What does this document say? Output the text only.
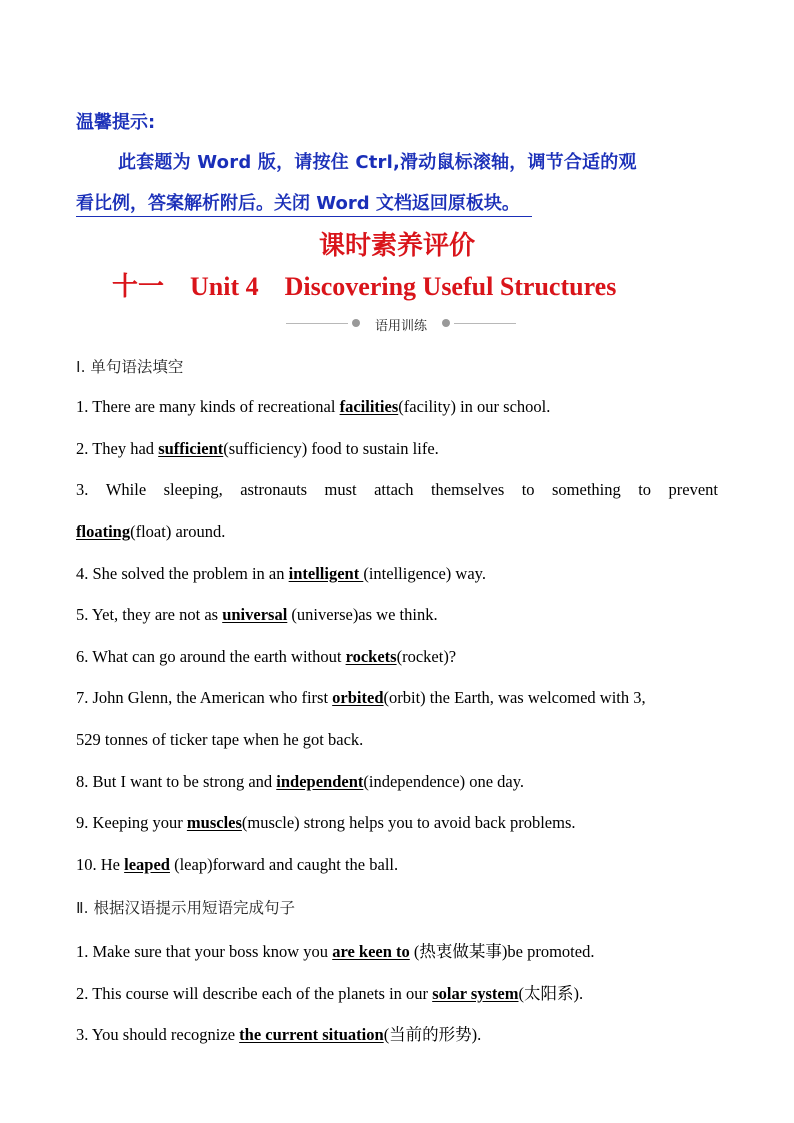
温馨提示:
此套题为 Word 版，请按住 Ctrl,滑动鼠标滚轴，调节合适的观
看比例，答案解析附后。关闭 Word 文档返回原板块。
课时素养评价
十一　Unit 4　Discovering Useful Structures
语用训练
Ⅰ. 单句语法填空
1. There are many kinds of recreational facilities(facility) in our school.
2. They had sufficient(sufficiency) food to sustain life.
3. While sleeping, astronauts must attach themselves to something to prevent
floating(float) around.
4. She solved the problem in an intelligent (intelligence) way.
5. Yet, they are not as universal (universe)as we think.
6. What can go around the earth without rockets(rocket)?
7. John Glenn, the American who first orbited(orbit) the Earth, was welcomed with 3,
529 tonnes of ticker tape when he got back.
8. But I want to be strong and independent(independence) one day.
9. Keeping your muscles(muscle) strong helps you to avoid back problems.
10. He leaped (leap)forward and caught the ball.
Ⅱ. 根据汉语提示用短语完成句子
1. Make sure that your boss know you are keen to (热衷做某事)be promoted.
2. This course will describe each of the planets in our solar system(太阳系).
3. You should recognize the current situation(当前的形势).
